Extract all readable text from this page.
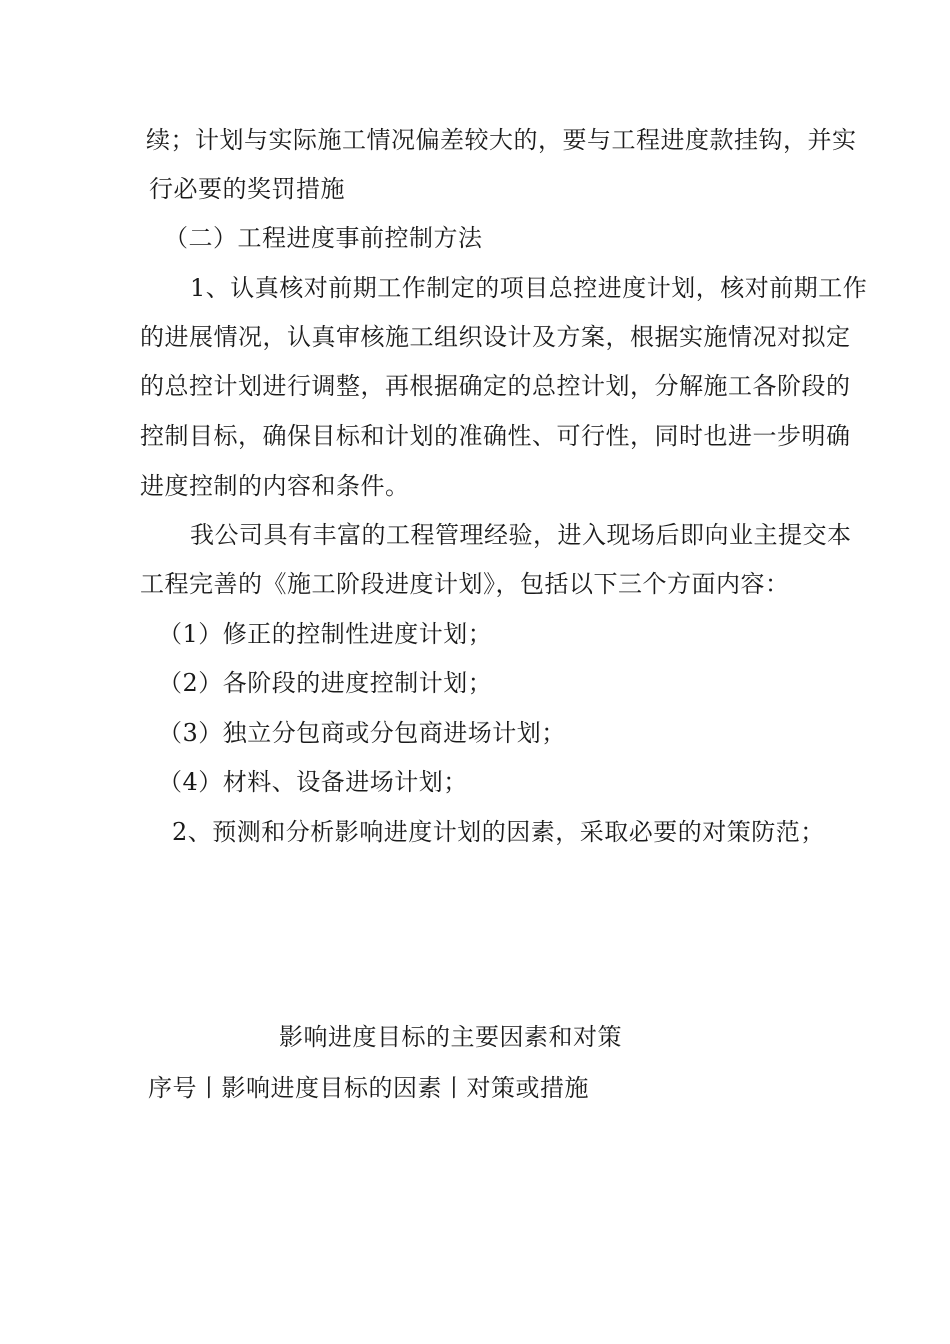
续；计划与实际施工情况偏差较大的，要与工程进度款挂钩，并实
行必要的奖罚措施
（二）工程进度事前控制方法
1、认真核对前期工作制定的项目总控进度计划，核对前期工作
的进展情况，认真审核施工组织设计及方案，根据实施情况对拟定
的总控计划进行调整，再根据确定的总控计划，分解施工各阶段的
控制目标，确保目标和计划的准确性、可行性，同时也进一步明确
进度控制的内容和条件。
我公司具有丰富的工程管理经验，进入现场后即向业主提交本
工程完善的《施工阶段进度计划》，包括以下三个方面内容：
（1）修正的控制性进度计划；
（2）各阶段的进度控制计划；
（3）独立分包商或分包商进场计划；
（4）材料、设备进场计划；
2、预测和分析影响进度计划的因素，采取必要的对策防范；
影响进度目标的主要因素和对策
序号丨影响进度目标的因素丨对策或措施
